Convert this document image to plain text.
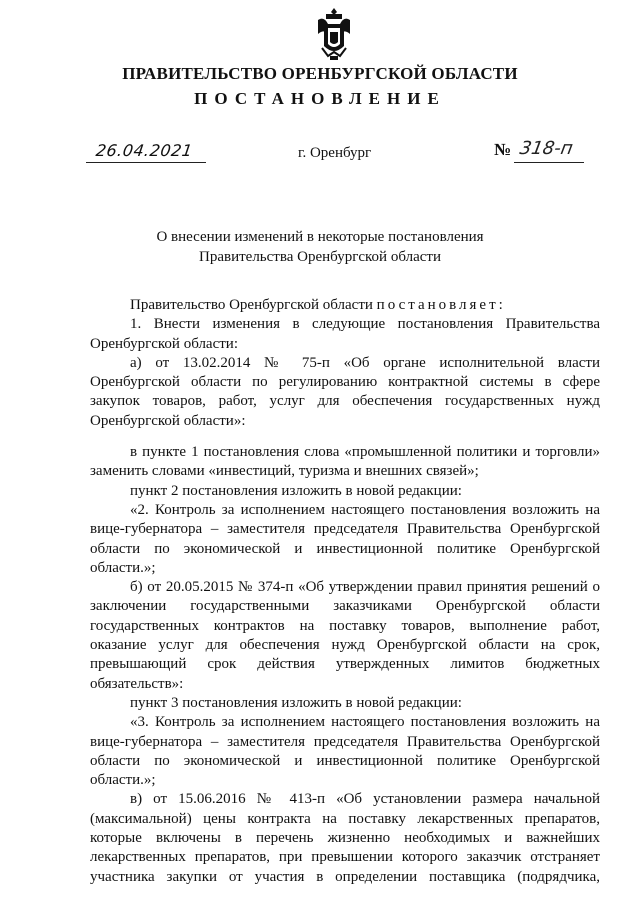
ПРАВИТЕЛЬСТВО ОРЕНБУРГСКОЙ ОБЛАСТИ
ПОСТАНОВЛЕНИЕ
26.04.2021	г. Оренбург	№ 318-п
О внесении изменений в некоторые постановления
Правительства Оренбургской области
Правительство Оренбургской области постановляет:
1. Внести изменения в следующие постановления Правительства
Оренбургской области:
а) от 13.02.2014 № 75-п «Об органе исполнительной власти
Оренбургской области по регулированию контрактной системы в сфере
закупок товаров, работ, услуг для обеспечения государственных нужд
Оренбургской области»:
в пункте 1 постановления слова «промышленной политики и торговли»
заменить словами «инвестиций, туризма и внешних связей»;
пункт 2 постановления изложить в новой редакции:
«2. Контроль за исполнением настоящего постановления возложить на
вице-губернатора – заместителя председателя Правительства Оренбургской
области по экономической и инвестиционной политике Оренбургской
области.»;
б) от 20.05.2015 № 374-п «Об утверждении правил принятия решений о
заключении государственными заказчиками Оренбургской области
государственных контрактов на поставку товаров, выполнение работ,
оказание услуг для обеспечения нужд Оренбургской области на срок,
превышающий срок действия утвержденных лимитов бюджетных
обязательств»:
пункт 3 постановления изложить в новой редакции:
«3. Контроль за исполнением настоящего постановления возложить на
вице-губернатора – заместителя председателя Правительства Оренбургской
области по экономической и инвестиционной политике Оренбургской
области.»;
в) от 15.06.2016 № 413-п «Об установлении размера начальной
(максимальной) цены контракта на поставку лекарственных препаратов,
которые включены в перечень жизненно необходимых и важнейших
лекарственных препаратов, при превышении которого заказчик отстраняет
участника закупки от участия в определении поставщика (подрядчика,
